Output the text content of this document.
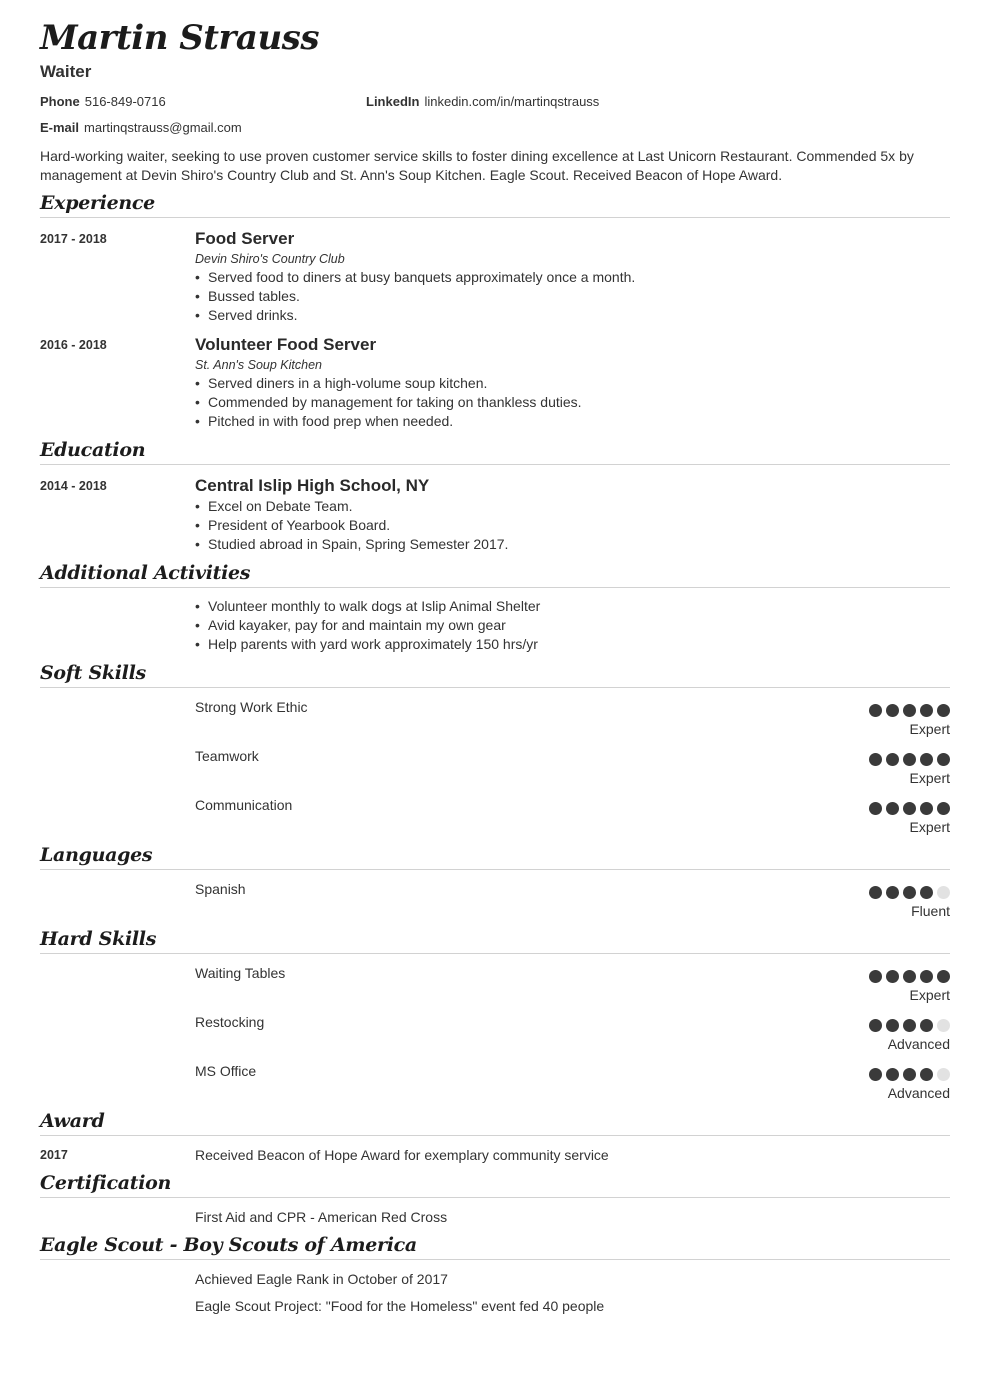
Martin Strauss
Waiter
Phone 516-849-0716	LinkedIn linkedin.com/in/martinqstrauss
E-mail martinqstrauss@gmail.com
Hard-working waiter, seeking to use proven customer service skills to foster dining excellence at Last Unicorn Restaurant. Commended 5x by management at Devin Shiro's Country Club and St. Ann's Soup Kitchen. Eagle Scout. Received Beacon of Hope Award.
Experience
2017 - 2018	Food Server
Devin Shiro's Country Club
• Served food to diners at busy banquets approximately once a month.
• Bussed tables.
• Served drinks.
2016 - 2018	Volunteer Food Server
St. Ann's Soup Kitchen
• Served diners in a high-volume soup kitchen.
• Commended by management for taking on thankless duties.
• Pitched in with food prep when needed.
Education
2014 - 2018	Central Islip High School, NY
• Excel on Debate Team.
• President of Yearbook Board.
• Studied abroad in Spain, Spring Semester 2017.
Additional Activities
• Volunteer monthly to walk dogs at Islip Animal Shelter
• Avid kayaker, pay for and maintain my own gear
• Help parents with yard work approximately 150 hrs/yr
Soft Skills
Strong Work Ethic
Expert
Teamwork
Expert
Communication
Expert
Languages
Spanish
Fluent
Hard Skills
Waiting Tables
Expert
Restocking
Advanced
MS Office
Advanced
Award
2017	Received Beacon of Hope Award for exemplary community service
Certification
First Aid and CPR - American Red Cross
Eagle Scout - Boy Scouts of America
Achieved Eagle Rank in October of 2017
Eagle Scout Project: "Food for the Homeless" event fed 40 people
